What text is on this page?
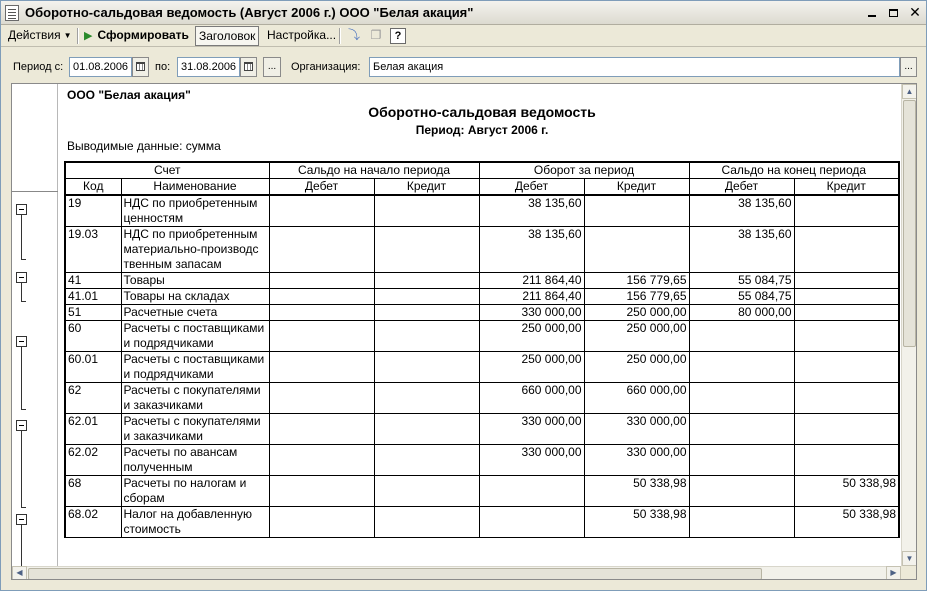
Оборотно-сальдовая ведомость (Август 2006 г.) ООО "Белая акация"	✕
Действия ▼ ▶ Сформировать Заголовок Настройка... ⤵ ❐	?
Период с: 01.08.2006	по: 31.08.2006	...	Организация:	Белая акация	...
ООО "Белая акация"
Оборотно-сальдовая ведомость
Период: Август 2006 г.
Выводимые данные: сумма
Счет		Сальдо на начало периода		Оборот за период		Сальдо на конец периода	
Код	Наименование	Дебет	Кредит	Дебет	Кредит	Дебет	Кредит
19	НДС по приобретенным ценностям			38 135,60		38 135,60	
19.03	НДС по приобретенным материально-производс твенным запасам			38 135,60		38 135,60	
41	Товары			211 864,40	156 779,65	55 084,75	
41.01	Товары на складах			211 864,40	156 779,65	55 084,75	
51	Расчетные счета			330 000,00	250 000,00	80 000,00	
60	Расчеты с поставщиками и подрядчиками			250 000,00	250 000,00		
60.01	Расчеты с поставщиками и подрядчиками			250 000,00	250 000,00		
62	Расчеты с покупателями и заказчиками			660 000,00	660 000,00		
62.01	Расчеты с покупателями и заказчиками			330 000,00	330 000,00		
62.02	Расчеты по авансам полученным			330 000,00	330 000,00		
68	Расчеты по налогам и сборам				50 338,98		50 338,98
68.02	Налог на добавленную стоимость				50 338,98		50 338,98
▲
▼
◀	▶
